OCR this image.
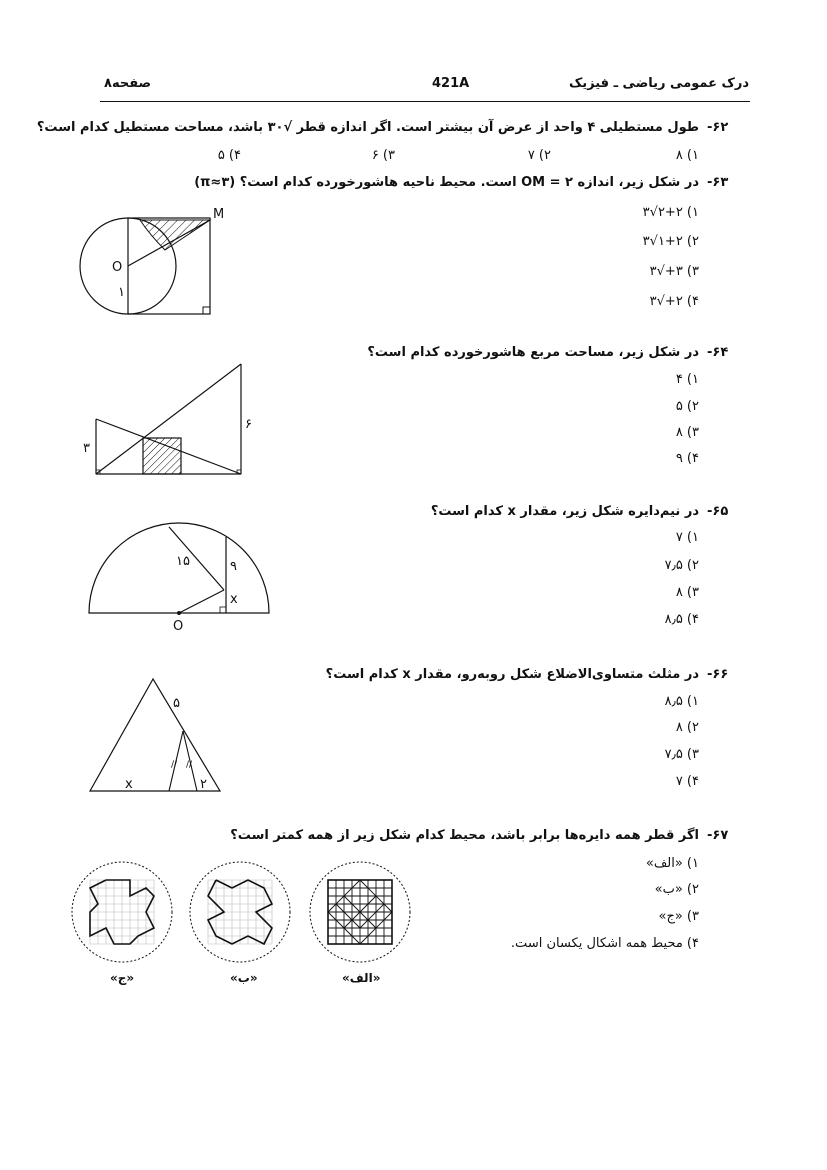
درک عمومی ریاضی ـ فیزیک
421A
صفحه۸
-۶۲
طول مستطیلی ۴ واحد از عرض آن بیشتر است. اگر اندازه قطر √۳۰ باشد، مساحت مستطیل کدام است؟
۱) ۸
۲) ۷
۳) ۶
۴) ۵
-۶۳
در شکل زیر، اندازه OM = ۲ است. محیط ناحیه هاشورخورده کدام است؟ (π≈۳)
۱) ۲+۲√۳
۲) ۱+۲√۳
۳) ۳+√۳
۴) ۲+√۳
M
O
۱
-۶۴
در شکل زیر، مساحت مربع هاشورخورده کدام است؟
۱) ۴
۲) ۵
۳) ۸
۴) ۹
۳
۶
-۶۵
در نیم‌دایره شکل زیر، مقدار x کدام است؟
۱) ۷
۲) ۷٫۵
۳) ۸
۴) ۸٫۵
۱۵	۹
x
O
-۶۶
در مثلث متساوی‌الاضلاع شکل روبه‌رو، مقدار x کدام است؟
۱) ۸٫۵
۲) ۸
۳) ۷٫۵
۴) ۷
// //
۵
x	۲
-۶۷
اگر قطر همه دایره‌ها برابر باشد، محیط کدام شکل زیر از همه کمتر است؟
۱) «الف»
۲) «ب»
۳) «ج»
۴) محیط همه اشکال یکسان است.
«ج»	«ب»	«الف»
